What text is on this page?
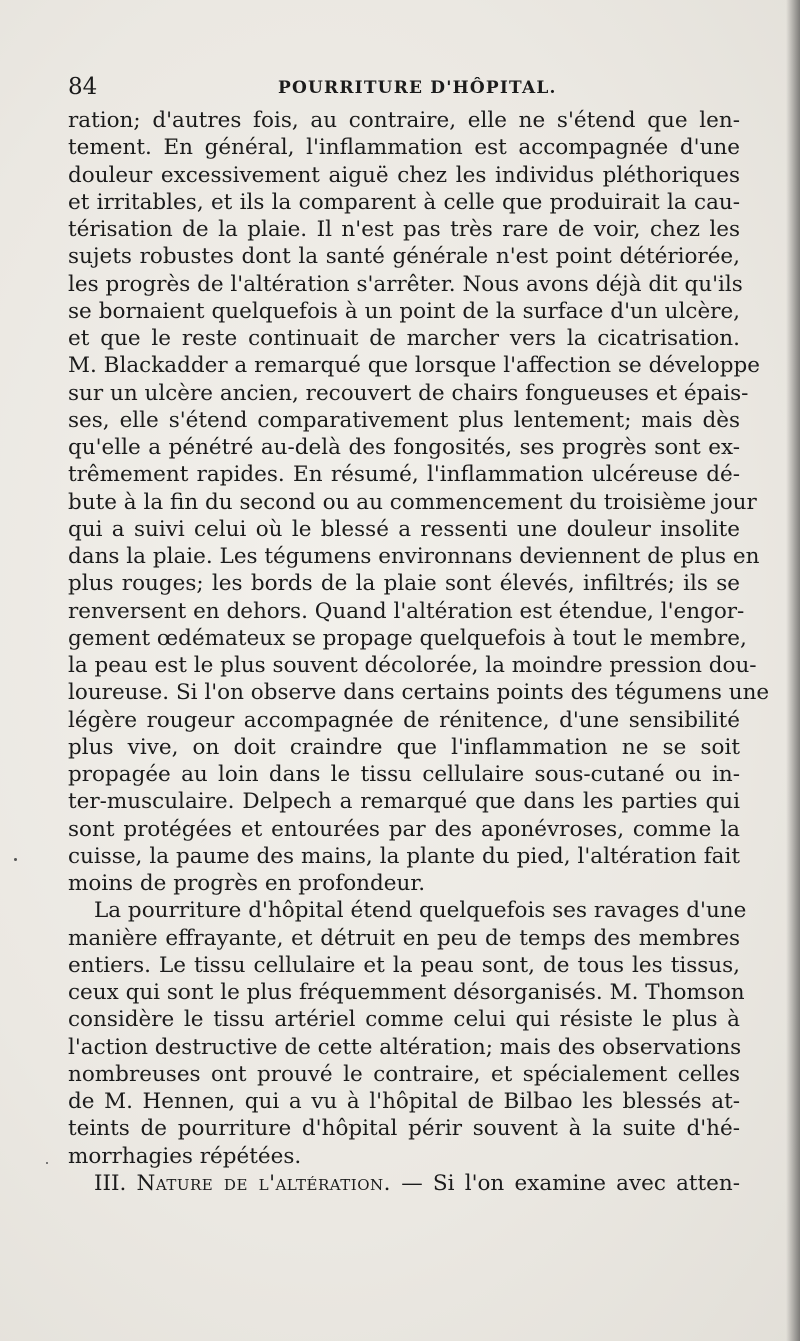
84	POURRITURE D'HÔPITAL.
ration; d'autres fois, au contraire, elle ne s'étend que len-
tement. En général, l'inflammation est accompagnée d'une
douleur excessivement aiguë chez les individus pléthoriques
et irritables, et ils la comparent à celle que produirait la cau-
térisation de la plaie. Il n'est pas très rare de voir, chez les
sujets robustes dont la santé générale n'est point détériorée,
les progrès de l'altération s'arrêter. Nous avons déjà dit qu'ils
se bornaient quelquefois à un point de la surface d'un ulcère,
et que le reste continuait de marcher vers la cicatrisation.
M. Blackadder a remarqué que lorsque l'affection se développe
sur un ulcère ancien, recouvert de chairs fongueuses et épais-
ses, elle s'étend comparativement plus lentement; mais dès
qu'elle a pénétré au-delà des fongosités, ses progrès sont ex-
trêmement rapides. En résumé, l'inflammation ulcéreuse dé-
bute à la fin du second ou au commencement du troisième jour
qui a suivi celui où le blessé a ressenti une douleur insolite
dans la plaie. Les tégumens environnans deviennent de plus en
plus rouges; les bords de la plaie sont élevés, infiltrés; ils se
renversent en dehors. Quand l'altération est étendue, l'engor-
gement œdémateux se propage quelquefois à tout le membre,
la peau est le plus souvent décolorée, la moindre pression dou-
loureuse. Si l'on observe dans certains points des tégumens une
légère rougeur accompagnée de rénitence, d'une sensibilité
plus vive, on doit craindre que l'inflammation ne se soit
propagée au loin dans le tissu cellulaire sous-cutané ou in-
ter-musculaire. Delpech a remarqué que dans les parties qui
sont protégées et entourées par des aponévroses, comme la
cuisse, la paume des mains, la plante du pied, l'altération fait
moins de progrès en profondeur.
La pourriture d'hôpital étend quelquefois ses ravages d'une
manière effrayante, et détruit en peu de temps des membres
entiers. Le tissu cellulaire et la peau sont, de tous les tissus,
ceux qui sont le plus fréquemment désorganisés. M. Thomson
considère le tissu artériel comme celui qui résiste le plus à
l'action destructive de cette altération; mais des observations
nombreuses ont prouvé le contraire, et spécialement celles
de M. Hennen, qui a vu à l'hôpital de Bilbao les blessés at-
teints de pourriture d'hôpital périr souvent à la suite d'hé-
morrhagies répétées.
III. Nature de l'altération. — Si l'on examine avec atten-
